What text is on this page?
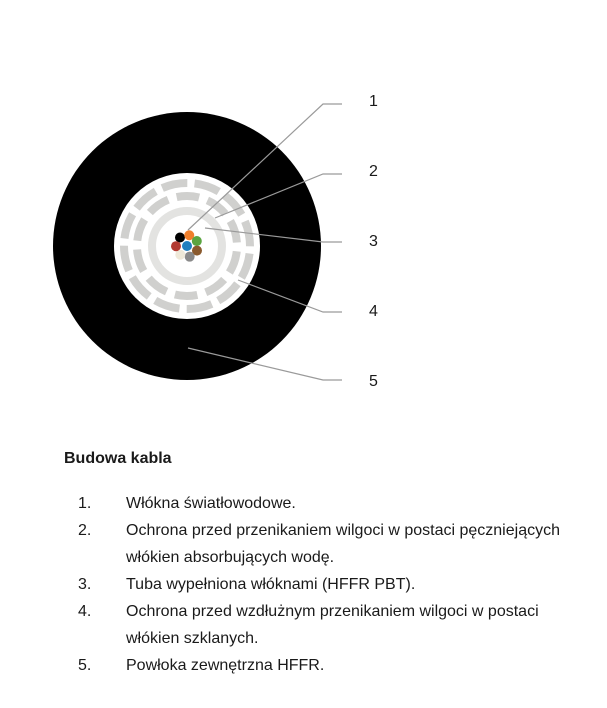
1
2
3
4
5
Budowa kabla
1. Włókna światłowodowe.
2. Ochrona przed przenikaniem wilgoci w postaci pęczniejących włókien absorbujących wodę.
3. Tuba wypełniona włóknami (HFFR PBT).
4. Ochrona przed wzdłużnym przenikaniem wilgoci w postaci włókien szklanych.
5. Powłoka zewnętrzna HFFR.
